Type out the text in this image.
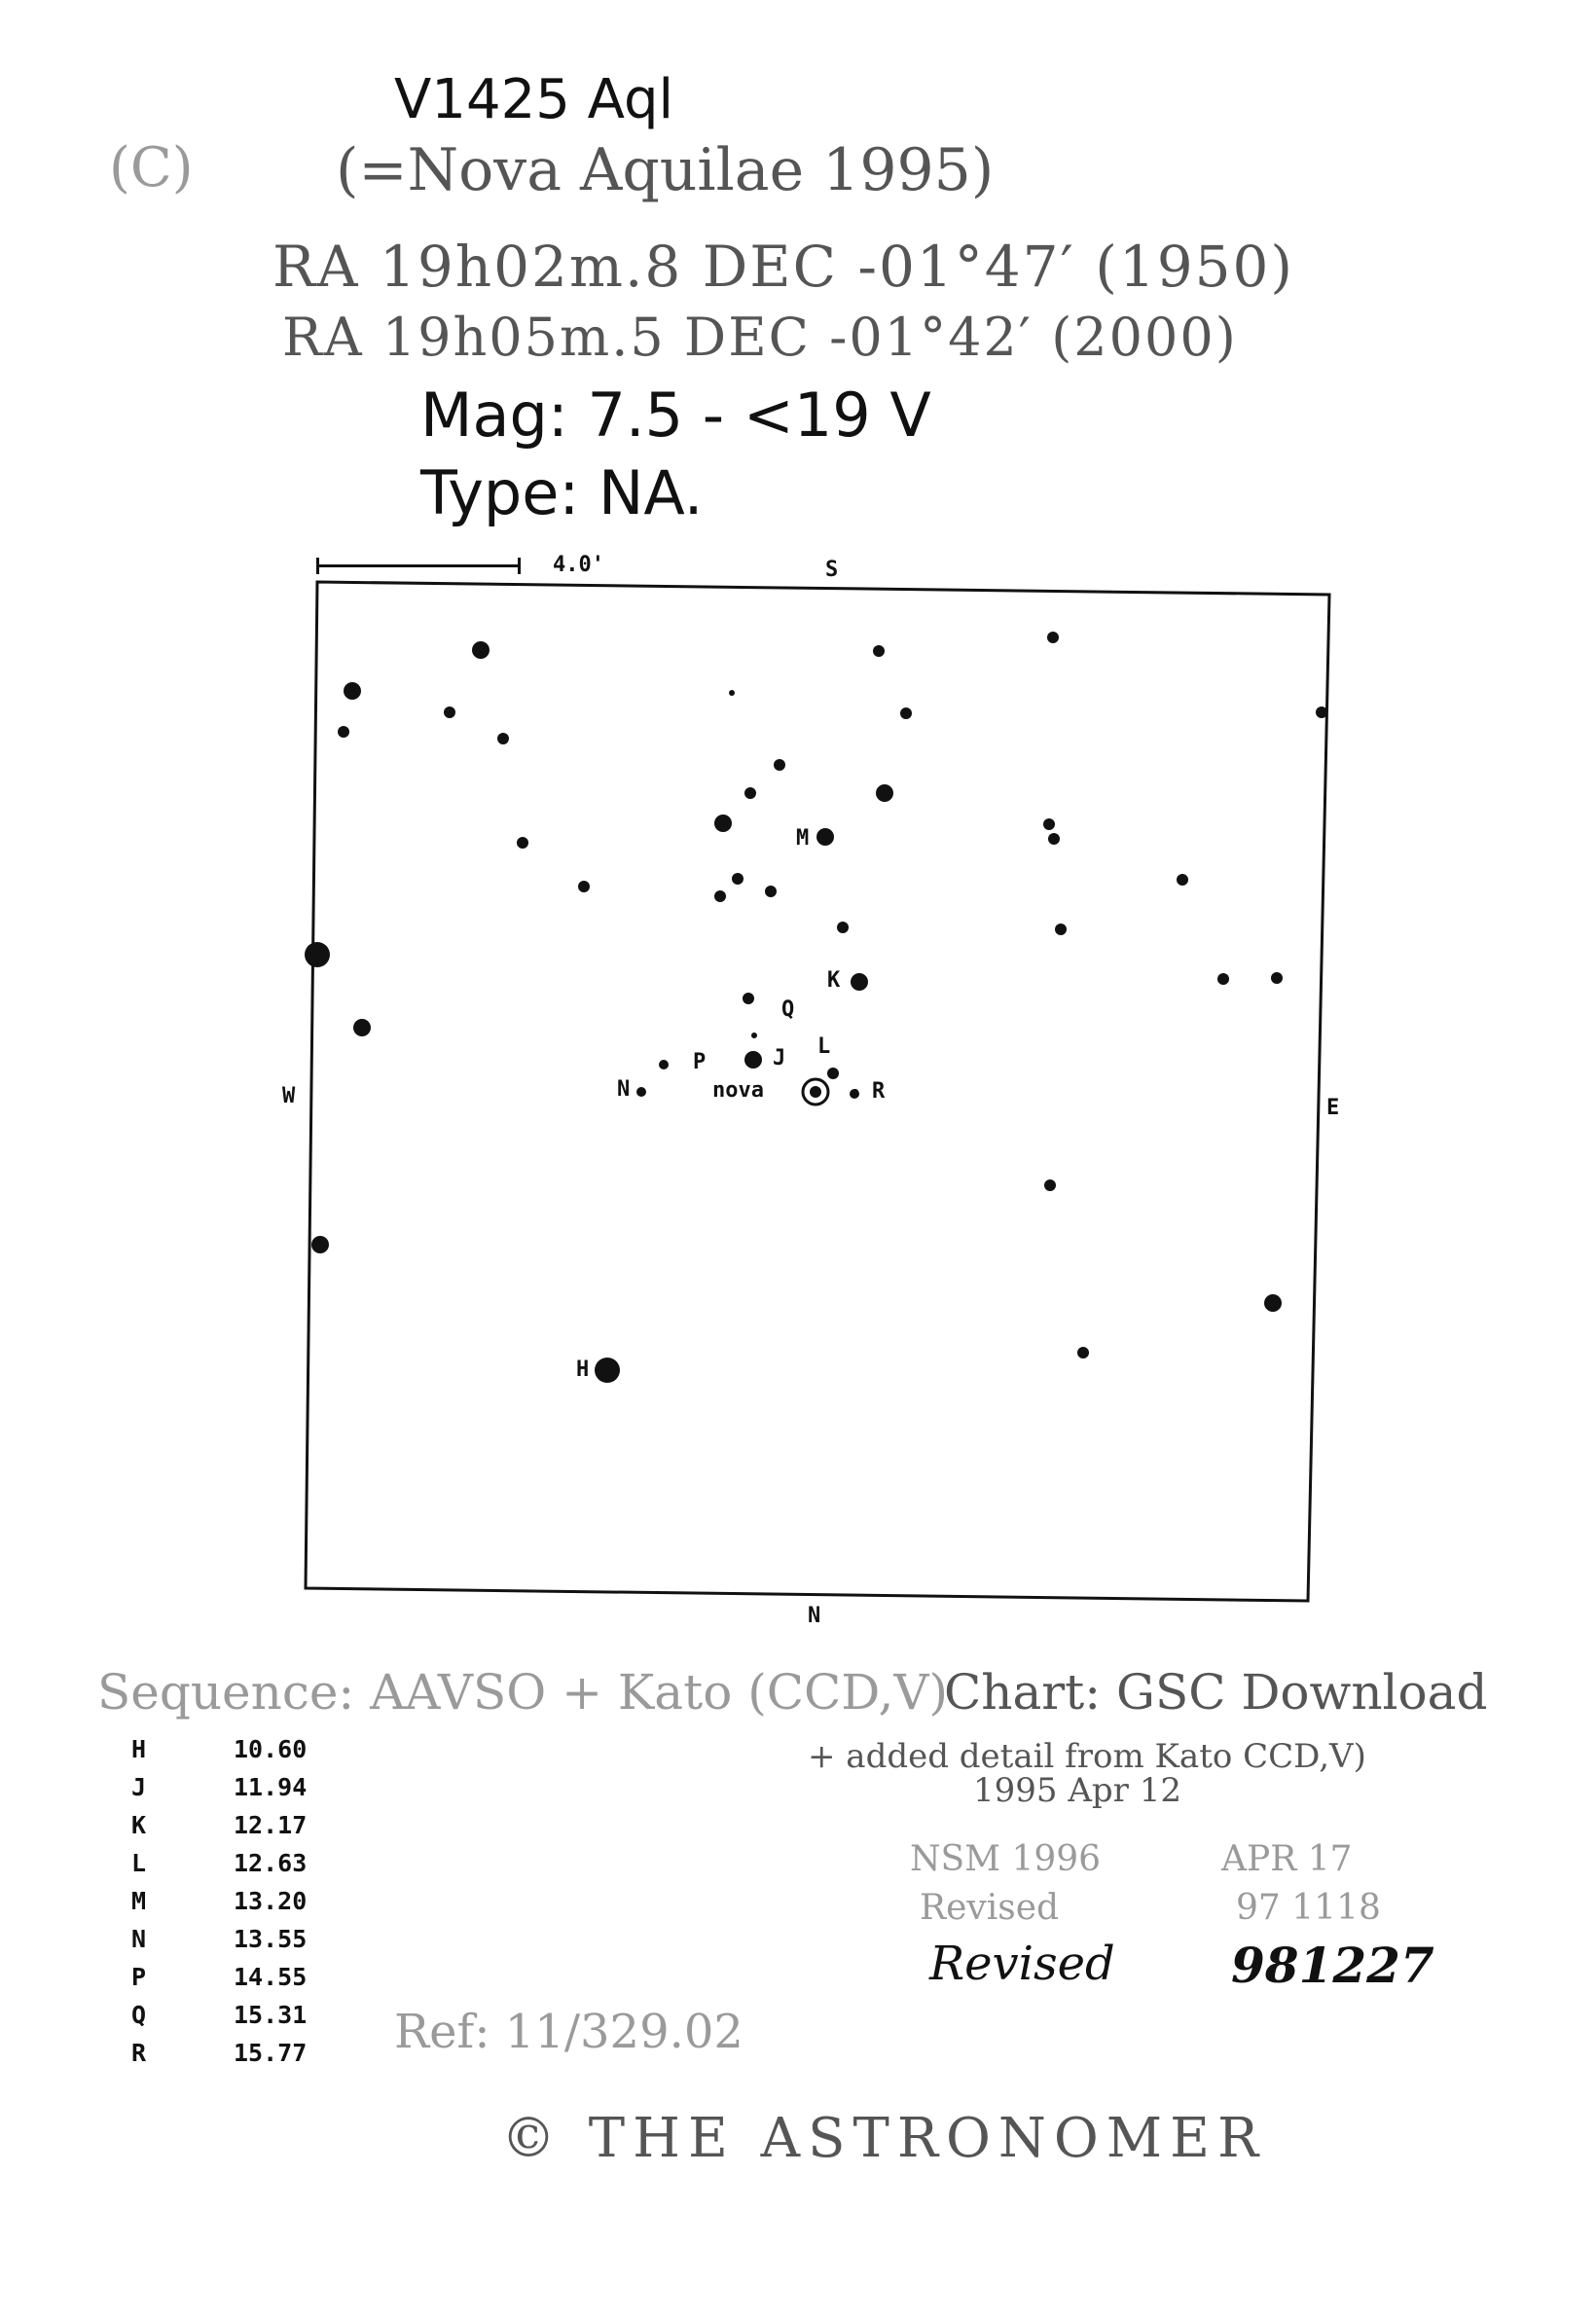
V1425 Aql
(C) (=Nova Aquilae 1995)
RA 19h02m.8 DEC -01°47′ (1950)
RA 19h05m.5 DEC -01°42′ (2000)
Mag: 7.5 - <19 V
Type: NA.
4.0'	S
N
W	E
M
K
Q
L
P	J
N	nova	R
H
Sequence: AAVSO + Kato (CCD,V)
H	10.60
J	11.94
K	12.17
L	12.63
M	13.20
N	13.55
P	14.55
Q	15.31
R	15.77
Chart: GSC Download
+ added detail from Kato CCD,V)
1995 Apr 12
NSM 1996	APR 17
Revised	97 1118
Revised 981227
Ref: 11/329.02
© THE ASTRONOMER
